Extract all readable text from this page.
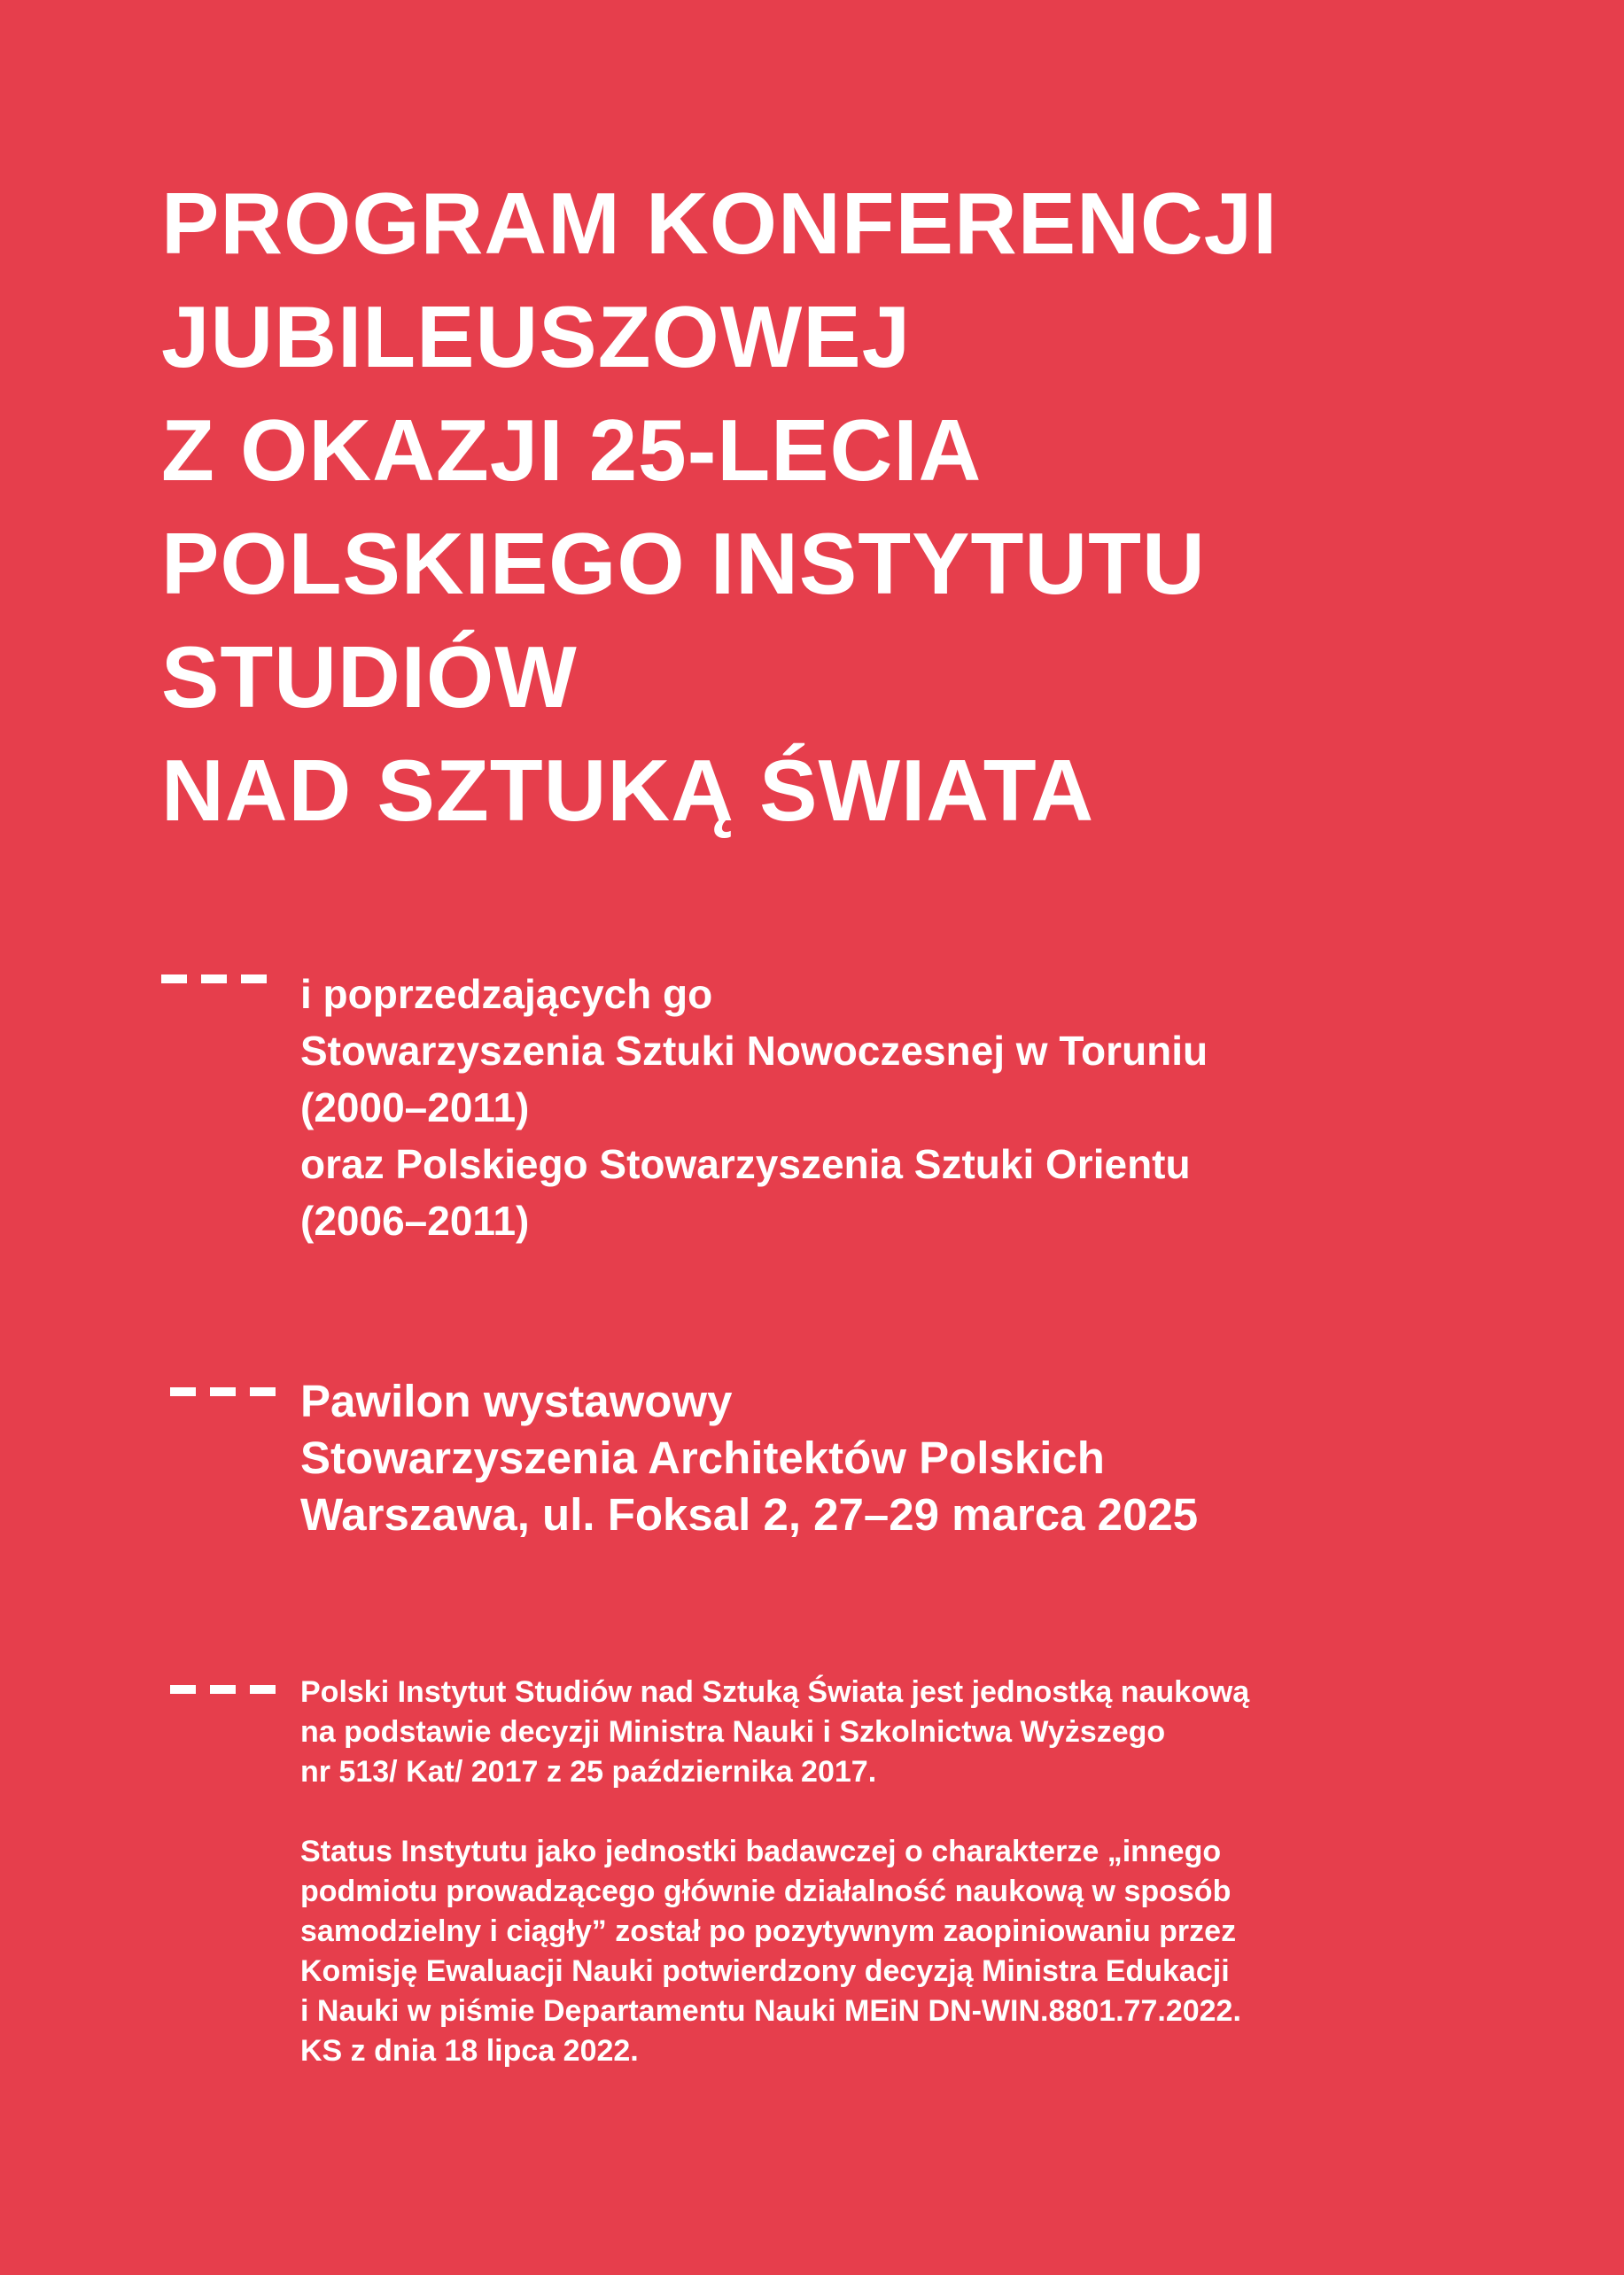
PROGRAM KONFERENCJI
JUBILEUSZOWEJ
Z OKAZJI 25-LECIA
POLSKIEGO INSTYTUTU
STUDIÓW
NAD SZTUKĄ ŚWIATA
i poprzedzających go
Stowarzyszenia Sztuki Nowoczesnej w Toruniu
(2000–2011)
oraz Polskiego Stowarzyszenia Sztuki Orientu
(2006–2011)
Pawilon wystawowy
Stowarzyszenia Architektów Polskich
Warszawa, ul. Foksal 2, 27–29 marca 2025
Polski Instytut Studiów nad Sztuką Świata jest jednostką naukową
na podstawie decyzji Ministra Nauki i Szkolnictwa Wyższego
nr 513/ Kat/ 2017 z 25 października 2017.
Status Instytutu jako jednostki badawczej o charakterze „innego
podmiotu prowadzącego głównie działalność naukową w sposób
samodzielny i ciągły” został po pozytywnym zaopiniowaniu przez
Komisję Ewaluacji Nauki potwierdzony decyzją Ministra Edukacji
i Nauki w piśmie Departamentu Nauki MEiN DN-WIN.8801.77.2022.
KS z dnia 18 lipca 2022.
